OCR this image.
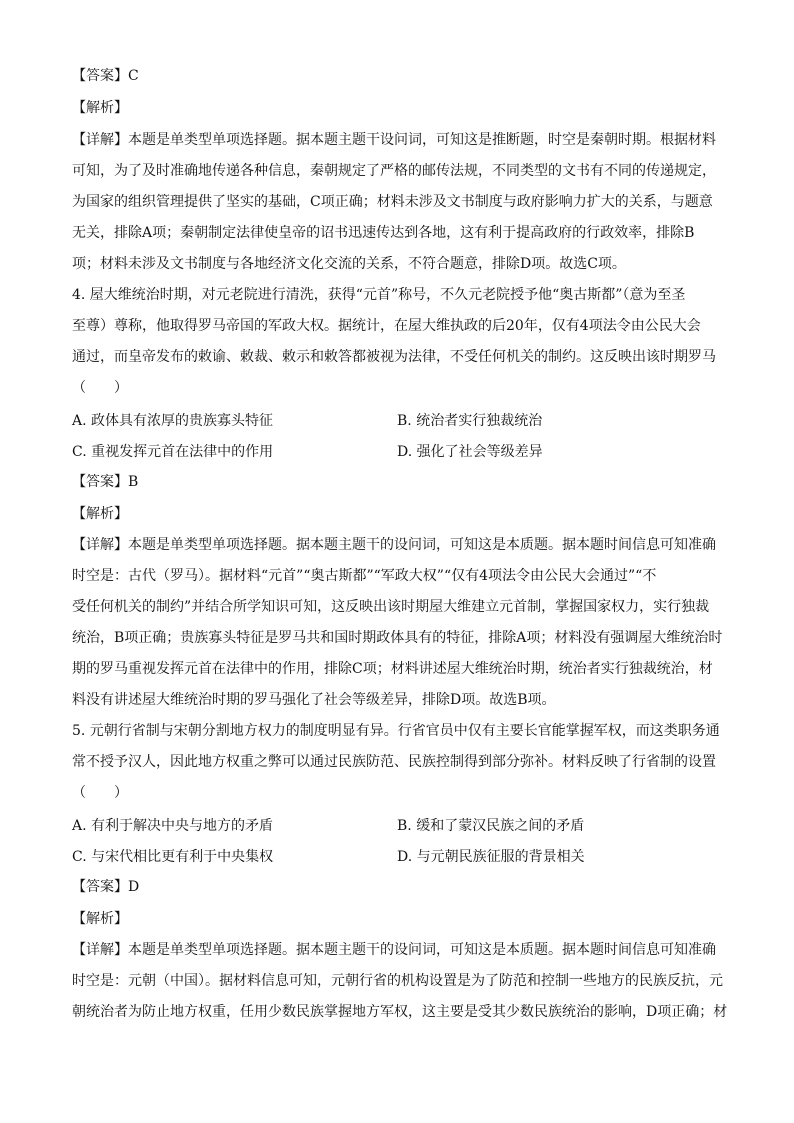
【答案】C
【解析】
【详解】本题是单类型单项选择题。据本题主题干设问词，可知这是推断题，时空是秦朝时期。根据材料
可知，为了及时准确地传递各种信息，秦朝规定了严格的邮传法规，不同类型的文书有不同的传递规定，
为国家的组织管理提供了坚实的基础，C项正确；材料未涉及文书制度与政府影响力扩大的关系，与题意
无关，排除A项；秦朝制定法律使皇帝的诏书迅速传达到各地，这有利于提高政府的行政效率，排除B
项；材料未涉及文书制度与各地经济文化交流的关系，不符合题意，排除D项。故选C项。
4. 屋大维统治时期，对元老院进行清洗，获得“元首”称号，不久元老院授予他“奥古斯都”（意为至圣
至尊）尊称，他取得罗马帝国的军政大权。据统计，在屋大维执政的后20年，仅有4项法令由公民大会
通过，而皇帝发布的敕谕、敕裁、敕示和敕答都被视为法律，不受任何机关的制约。这反映出该时期罗马
（　　）
A. 政体具有浓厚的贵族寡头特征	B. 统治者实行独裁统治
C. 重视发挥元首在法律中的作用	D. 强化了社会等级差异
【答案】B
【解析】
【详解】本题是单类型单项选择题。据本题主题干的设问词，可知这是本质题。据本题时间信息可知准确
时空是：古代（罗马）。据材料“元首”“奥古斯都”“军政大权”“仅有4项法令由公民大会通过”“不
受任何机关的制约”并结合所学知识可知，这反映出该时期屋大维建立元首制，掌握国家权力，实行独裁
统治，B项正确；贵族寡头特征是罗马共和国时期政体具有的特征，排除A项；材料没有强调屋大维统治时
期的罗马重视发挥元首在法律中的作用，排除C项；材料讲述屋大维统治时期，统治者实行独裁统治，材
料没有讲述屋大维统治时期的罗马强化了社会等级差异，排除D项。故选B项。
5. 元朝行省制与宋朝分割地方权力的制度明显有异。行省官员中仅有主要长官能掌握军权，而这类职务通
常不授予汉人，因此地方权重之弊可以通过民族防范、民族控制得到部分弥补。材料反映了行省制的设置
（　　）
A. 有利于解决中央与地方的矛盾	B. 缓和了蒙汉民族之间的矛盾
C. 与宋代相比更有利于中央集权	D. 与元朝民族征服的背景相关
【答案】D
【解析】
【详解】本题是单类型单项选择题。据本题主题干的设问词，可知这是本质题。据本题时间信息可知准确
时空是：元朝（中国）。据材料信息可知，元朝行省的机构设置是为了防范和控制一些地方的民族反抗，元
朝统治者为防止地方权重，任用少数民族掌握地方军权，这主要是受其少数民族统治的影响，D项正确；材
